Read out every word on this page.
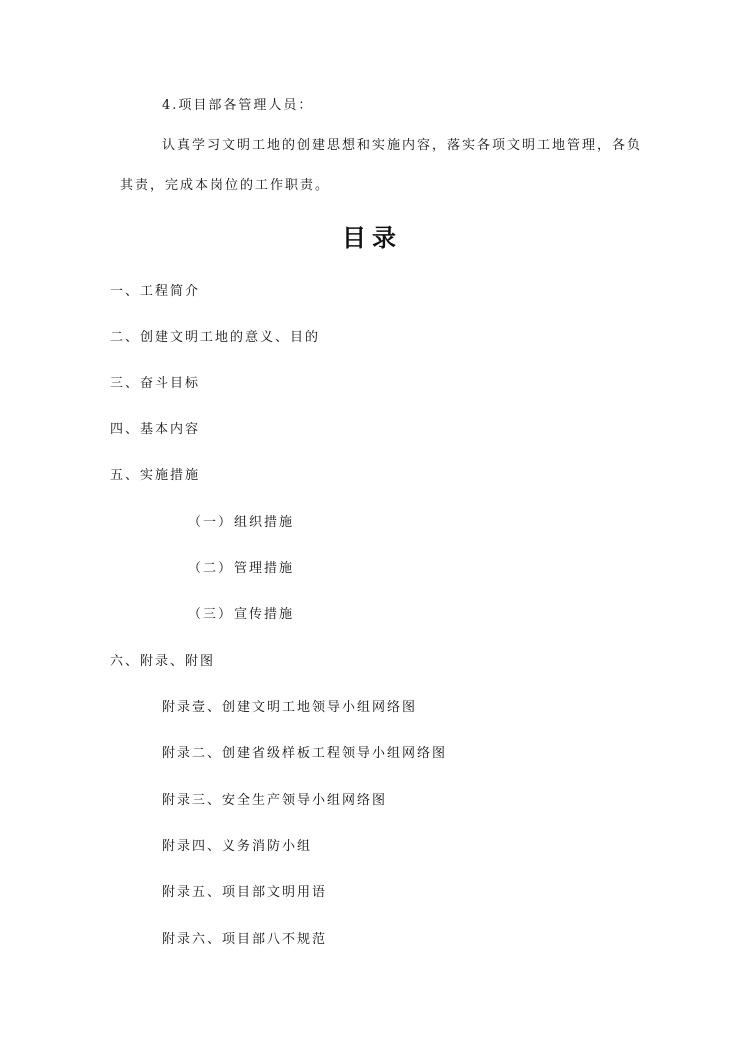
4.项目部各管理人员：
认真学习文明工地的创建思想和实施内容，落实各项文明工地管理，各负
其责，完成本岗位的工作职责。
目录
一、工程简介
二、创建文明工地的意义、目的
三、奋斗目标
四、基本内容
五、实施措施
（一）组织措施
（二）管理措施
（三）宣传措施
六、附录、附图
附录壹、创建文明工地领导小组网络图
附录二、创建省级样板工程领导小组网络图
附录三、安全生产领导小组网络图
附录四、义务消防小组
附录五、项目部文明用语
附录六、项目部八不规范
